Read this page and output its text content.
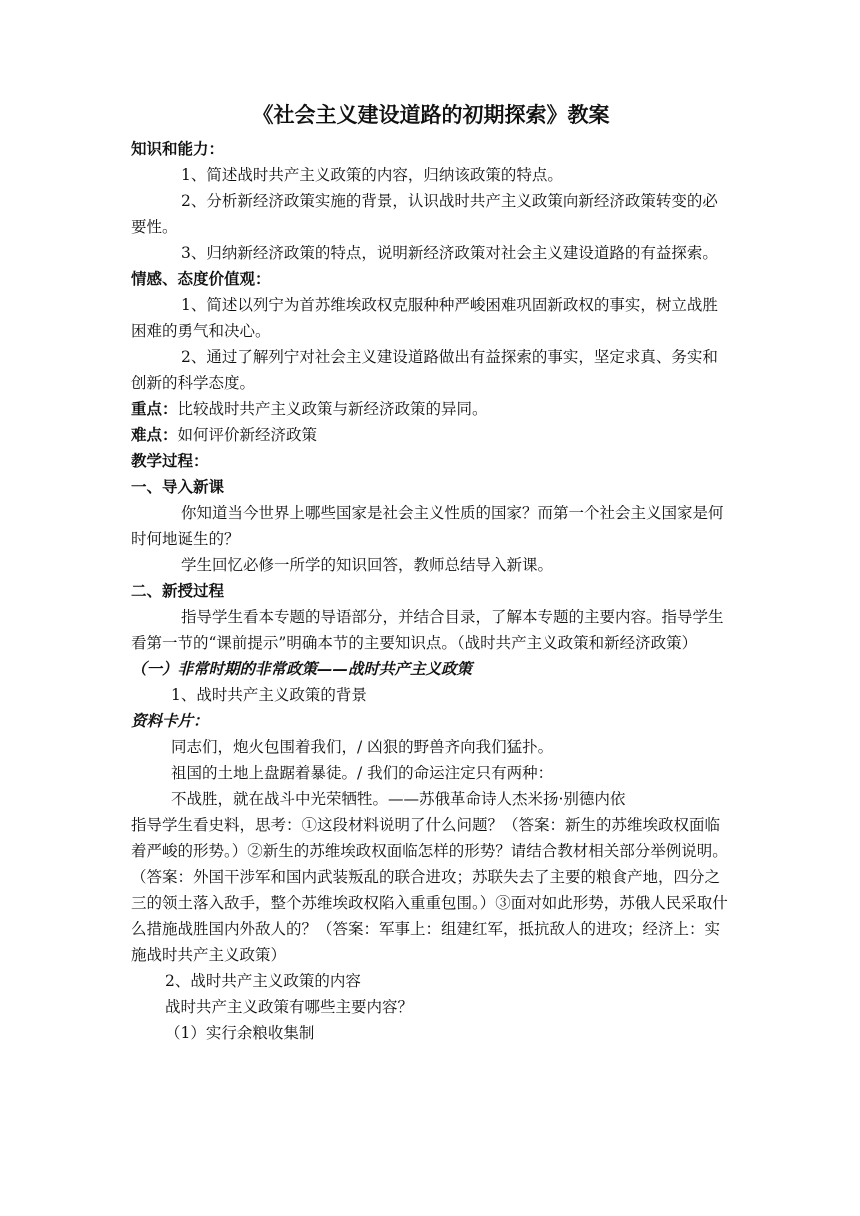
《社会主义建设道路的初期探索》教案

知识和能力：

1、简述战时共产主义政策的内容，归纳该政策的特点。

2、分析新经济政策实施的背景，认识战时共产主义政策向新经济政策转变的必要性。

3、归纳新经济政策的特点，说明新经济政策对社会主义建设道路的有益探索。

情感、态度价值观：

1、简述以列宁为首苏维埃政权克服种种严峻困难巩固新政权的事实，树立战胜困难的勇气和决心。

2、通过了解列宁对社会主义建设道路做出有益探索的事实，坚定求真、务实和创新的科学态度。

重点：比较战时共产主义政策与新经济政策的异同。

难点：如何评价新经济政策

教学过程：

一、导入新课

你知道当今世界上哪些国家是社会主义性质的国家？而第一个社会主义国家是何时何地诞生的？

学生回忆必修一所学的知识回答，教师总结导入新课。

二、新授过程

指导学生看本专题的导语部分，并结合目录，了解本专题的主要内容。指导学生看第一节的“课前提示”明确本节的主要知识点。（战时共产主义政策和新经济政策）

（一）非常时期的非常政策——战时共产主义政策

1、战时共产主义政策的背景

资料卡片：

同志们，炮火包围着我们，/ 凶狠的野兽齐向我们猛扑。

祖国的土地上盘踞着暴徒。/ 我们的命运注定只有两种：

不战胜，就在战斗中光荣牺牲。——苏俄革命诗人杰米扬·别德内依

指导学生看史料，思考：①这段材料说明了什么问题？（答案：新生的苏维埃政权面临着严峻的形势。）②新生的苏维埃政权面临怎样的形势？请结合教材相关部分举例说明。（答案：外国干涉军和国内武装叛乱的联合进攻；苏联失去了主要的粮食产地，四分之三的领土落入敌手，整个苏维埃政权陷入重重包围。）③面对如此形势，苏俄人民采取什么措施战胜国内外敌人的？（答案：军事上：组建红军，抵抗敌人的进攻；经济上：实施战时共产主义政策）

2、战时共产主义政策的内容

战时共产主义政策有哪些主要内容？

（1）实行余粮收集制
